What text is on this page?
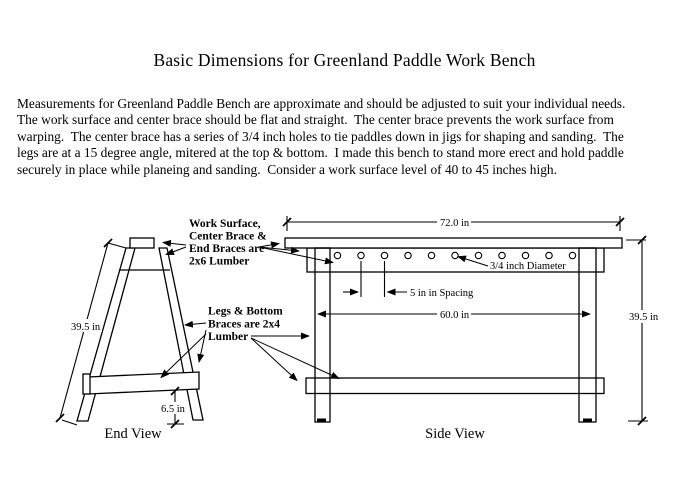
Basic Dimensions for Greenland Paddle Work Bench
Measurements for Greenland Paddle Bench are approximate and should be adjusted to suit your individual needs.
The work surface and center brace should be flat and straight.  The center brace prevents the work surface from
warping.  The center brace has a series of 3/4 inch holes to tie paddles down in jigs for shaping and sanding.  The
legs are at a 15 degree angle, mitered at the top & bottom.  I made this bench to stand more erect and hold paddle
securely in place while planeing and sanding.  Consider a work surface level of 40 to 45 inches high.
39.5 in
6.5 in
End View
72.0 in
60.0 in	39.5 in
5 in in Spacing
3/4 inch Diameter
Side View
Work Surface,
Center Brace &
End Braces are
2x6 Lumber
Legs & Bottom
Braces are 2x4
Lumber
